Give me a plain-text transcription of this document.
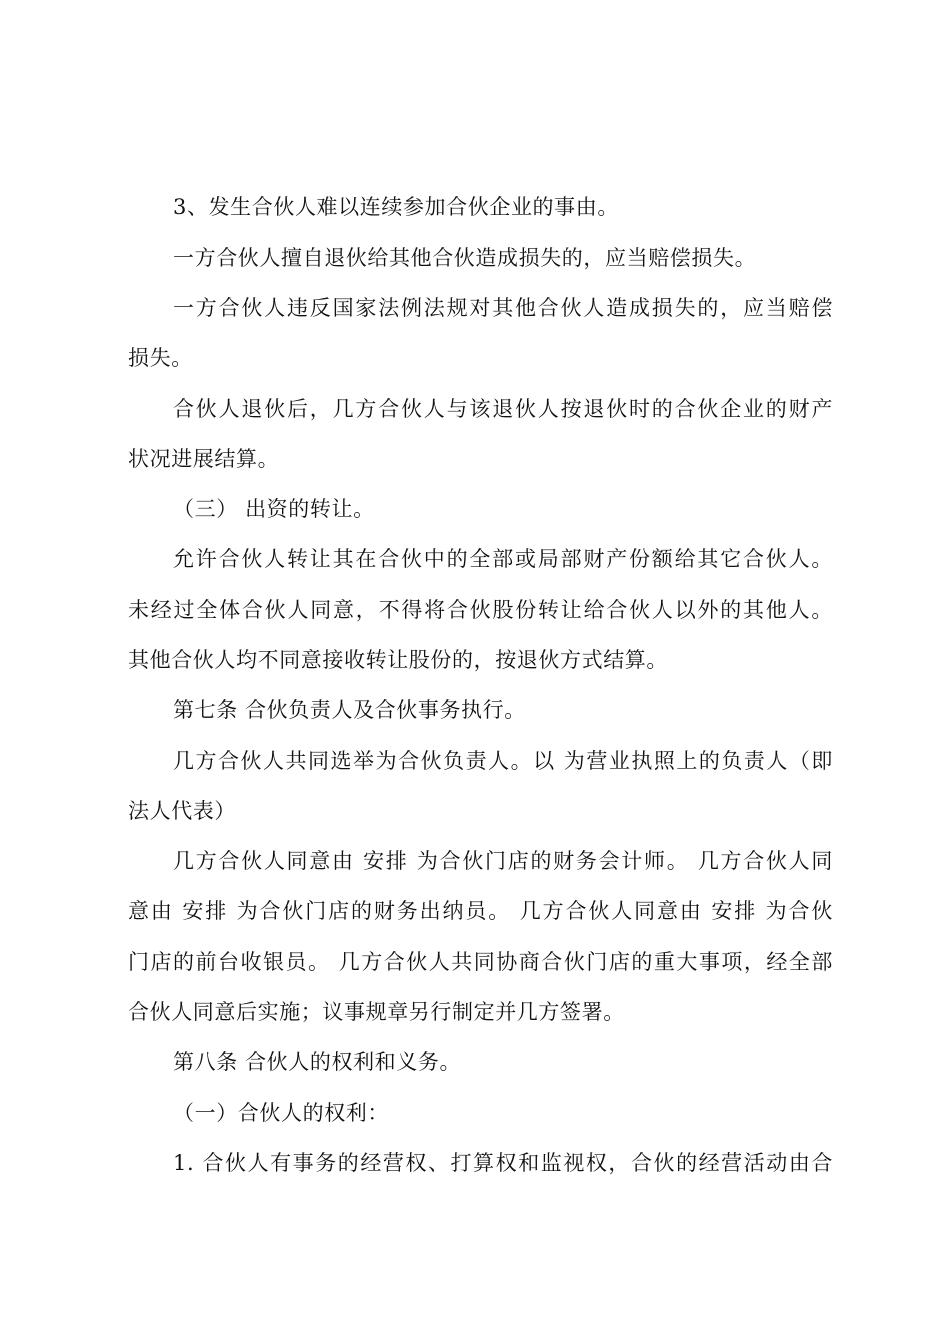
3、发生合伙人难以连续参加合伙企业的事由。
一方合伙人擅自退伙给其他合伙造成损失的，应当赔偿损失。
一方合伙人违反国家法例法规对其他合伙人造成损失的，应当赔偿
损失。
合伙人退伙后，几方合伙人与该退伙人按退伙时的合伙企业的财产
状况进展结算。
（三） 出资的转让。
允许合伙人转让其在合伙中的全部或局部财产份额给其它合伙人。
未经过全体合伙人同意，不得将合伙股份转让给合伙人以外的其他人。
其他合伙人均不同意接收转让股份的，按退伙方式结算。
第七条 合伙负责人及合伙事务执行。
几方合伙人共同选举为合伙负责人。以 为营业执照上的负责人（即
法人代表）
几方合伙人同意由 安排 为合伙门店的财务会计师。 几方合伙人同
意由 安排 为合伙门店的财务出纳员。 几方合伙人同意由 安排 为合伙
门店的前台收银员。 几方合伙人共同协商合伙门店的重大事项，经全部
合伙人同意后实施；议事规章另行制定并几方签署。
第八条 合伙人的权利和义务。
（一）合伙人的权利：
1. 合伙人有事务的经营权、打算权和监视权，合伙的经营活动由合
